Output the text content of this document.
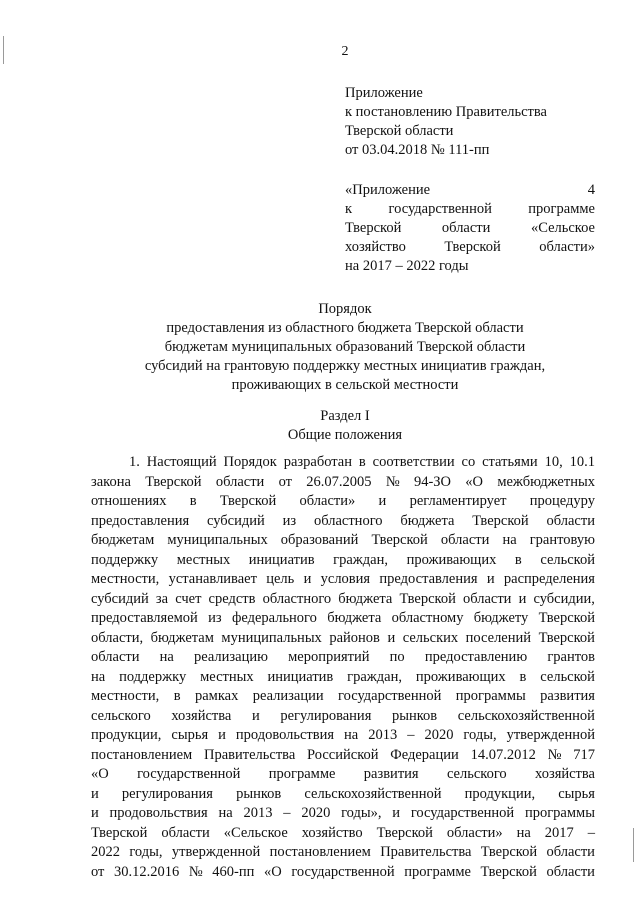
2
Приложение
к постановлению Правительства
Тверской области
от 03.04.2018 № 111-пп
«Приложение	4
к	государственной	программе
Тверской	области	«Сельское
хозяйство	Тверской	области»
на 2017 – 2022 годы
Порядок
предоставления из областного бюджета Тверской области
бюджетам муниципальных образований Тверской области
субсидий на грантовую поддержку местных инициатив граждан,
проживающих в сельской местности
Раздел I
Общие положения
1. Настоящий Порядок разработан в соответствии со статьями 10, 10.1
закона Тверской области от 26.07.2005 № 94-ЗО «О межбюджетных
отношениях в Тверской области» и регламентирует процедуру
предоставления субсидий из областного бюджета Тверской области
бюджетам муниципальных образований Тверской области на грантовую
поддержку местных инициатив граждан, проживающих в сельской
местности, устанавливает цель и условия предоставления и распределения
субсидий за счет средств областного бюджета Тверской области и субсидии,
предоставляемой из федерального бюджета областному бюджету Тверской
области, бюджетам муниципальных районов и сельских поселений Тверской
области на реализацию мероприятий по предоставлению грантов
на поддержку местных инициатив граждан, проживающих в сельской
местности, в рамках реализации государственной программы развития
сельского хозяйства и регулирования рынков сельскохозяйственной
продукции, сырья и продовольствия на 2013 – 2020 годы, утвержденной
постановлением Правительства Российской Федерации 14.07.2012 № 717
«О государственной программе развития сельского хозяйства
и регулирования рынков сельскохозяйственной продукции, сырья
и продовольствия на 2013 – 2020 годы», и государственной программы
Тверской области «Сельское хозяйство Тверской области» на 2017 –
2022 годы, утвержденной постановлением Правительства Тверской области
от 30.12.2016 № 460-пп «О государственной программе Тверской области
